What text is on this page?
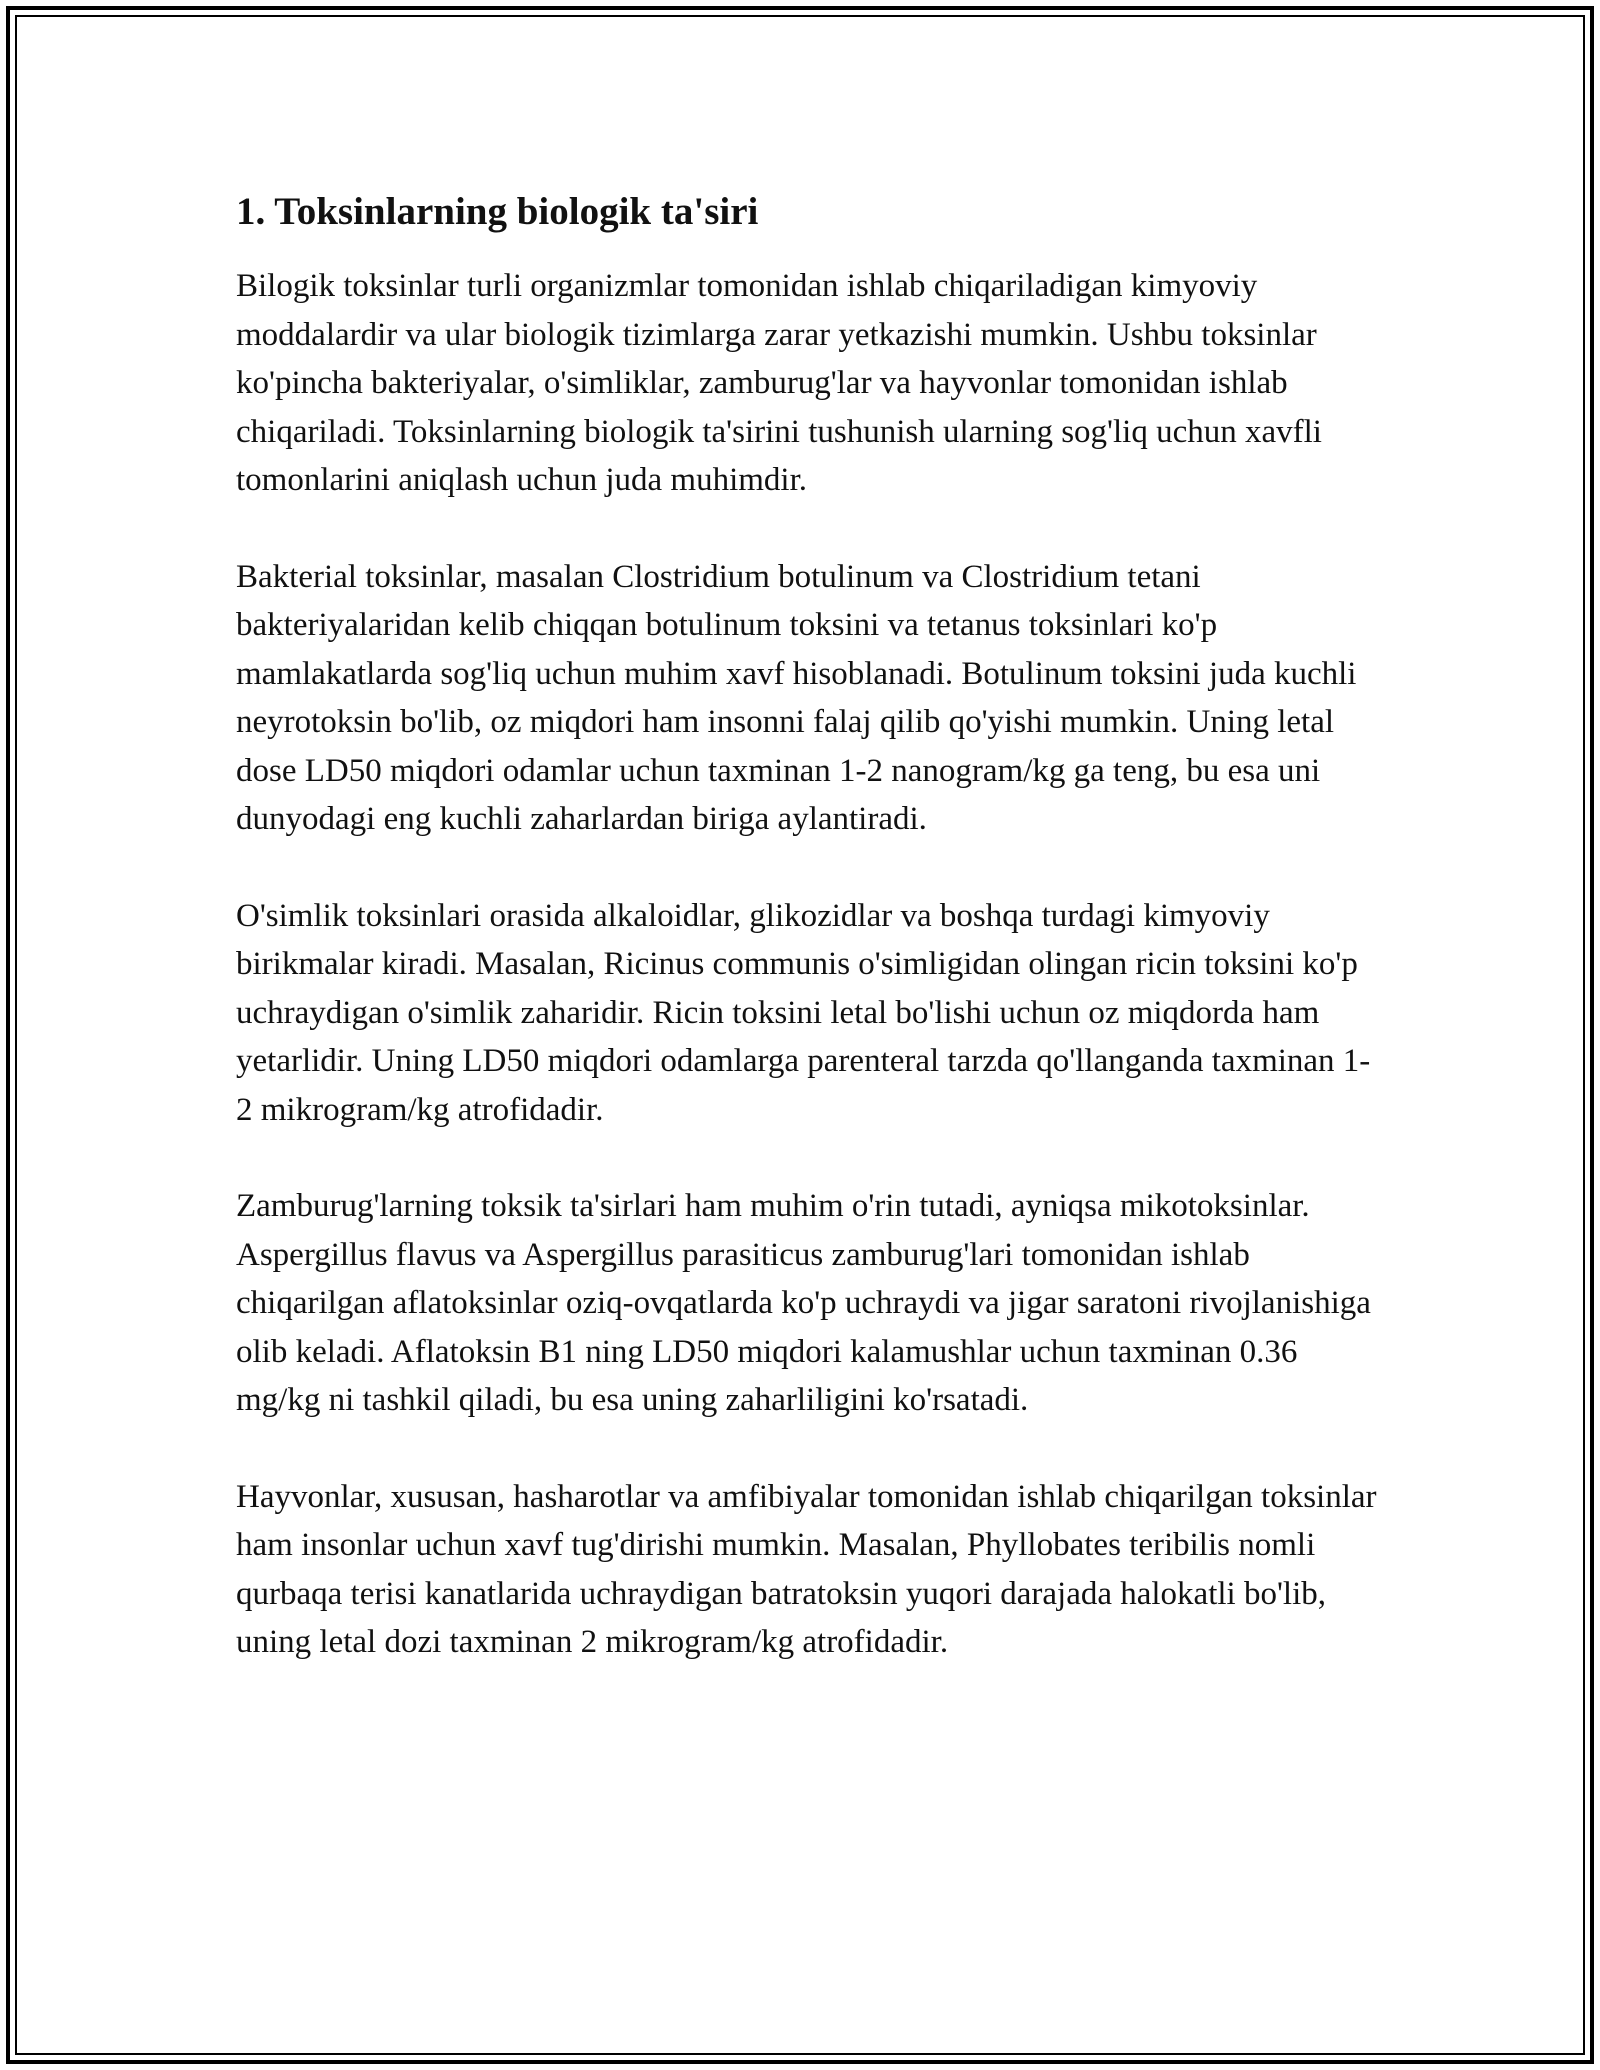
1. Toksinlarning biologik ta'siri

Bilogik toksinlar turli organizmlar tomonidan ishlab chiqariladigan kimyoviy moddalardir va ular biologik tizimlarga zarar yetkazishi mumkin. Ushbu toksinlar ko'pincha bakteriyalar, o'simliklar, zamburug'lar va hayvonlar tomonidan ishlab chiqariladi. Toksinlarning biologik ta'sirini tushunish ularning sog'liq uchun xavfli tomonlarini aniqlash uchun juda muhimdir.

Bakterial toksinlar, masalan Clostridium botulinum va Clostridium tetani bakteriyalaridan kelib chiqqan botulinum toksini va tetanus toksinlari ko'p mamlakatlarda sog'liq uchun muhim xavf hisoblanadi. Botulinum toksini juda kuchli neyrotoksin bo'lib, oz miqdori ham insonni falaj qilib qo'yishi mumkin. Uning letal dose LD50 miqdori odamlar uchun taxminan 1-2 nanogram/kg ga teng, bu esa uni dunyodagi eng kuchli zaharlardan biriga aylantiradi.

O'simlik toksinlari orasida alkaloidlar, glikozidlar va boshqa turdagi kimyoviy birikmalar kiradi. Masalan, Ricinus communis o'simligidan olingan ricin toksini ko'p uchraydigan o'simlik zaharidir. Ricin toksini letal bo'lishi uchun oz miqdorda ham yetarlidir. Uning LD50 miqdori odamlarga parenteral tarzda qo'llanganda taxminan 1-2 mikrogram/kg atrofidadir.

Zamburug'larning toksik ta'sirlari ham muhim o'rin tutadi, ayniqsa mikotoksinlar. Aspergillus flavus va Aspergillus parasiticus zamburug'lari tomonidan ishlab chiqarilgan aflatoksinlar oziq-ovqatlarda ko'p uchraydi va jigar saratoni rivojlanishiga olib keladi. Aflatoksin B1 ning LD50 miqdori kalamushlar uchun taxminan 0.36 mg/kg ni tashkil qiladi, bu esa uning zaharliligini ko'rsatadi.

Hayvonlar, xususan, hasharotlar va amfibiyalar tomonidan ishlab chiqarilgan toksinlar ham insonlar uchun xavf tug'dirishi mumkin. Masalan, Phyllobates teribilis nomli qurbaqa terisi kanatlarida uchraydigan batratoksin yuqori darajada halokatli bo'lib, uning letal dozi taxminan 2 mikrogram/kg atrofidadir.
